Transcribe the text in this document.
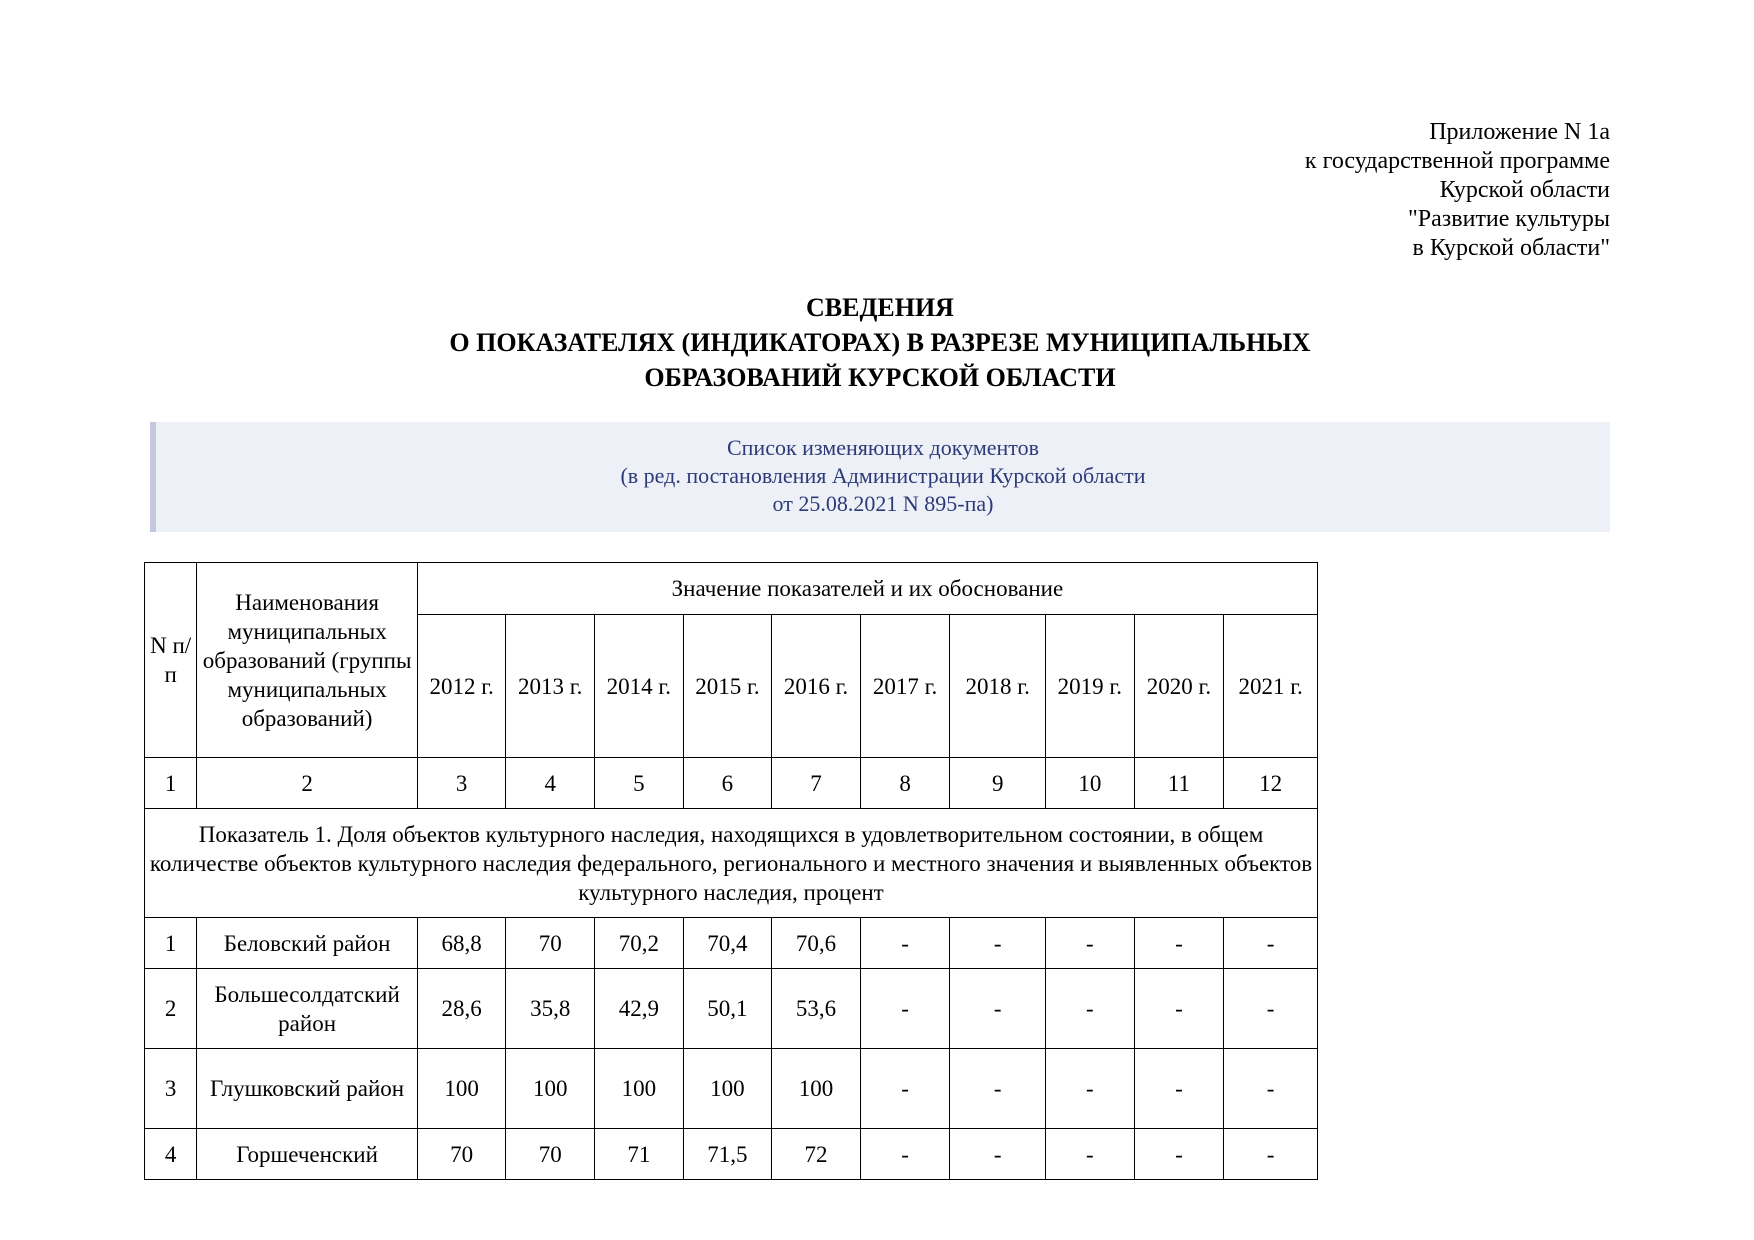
Приложение N 1а
к государственной программе
Курской области
"Развитие культуры
в Курской области"
СВЕДЕНИЯ
О ПОКАЗАТЕЛЯХ (ИНДИКАТОРАХ) В РАЗРЕЗЕ МУНИЦИПАЛЬНЫХ
ОБРАЗОВАНИЙ КУРСКОЙ ОБЛАСТИ
Список изменяющих документов
(в ред. постановления Администрации Курской области
от 25.08.2021 N 895-па)
N п/п	Наименования муниципальных образований (группы муниципальных образований)	Значение показателей и их обоснование									
		2012 г.	2013 г.	2014 г.	2015 г.	2016 г.	2017 г.	2018 г.	2019 г.	2020 г.	2021 г.
1	2	3	4	5	6	7	8	9	10	11	12
Показатель 1. Доля объектов культурного наследия, находящихся в удовлетворительном состоянии, в общем количестве объектов культурного наследия федерального, регионального и местного значения и выявленных объектов культурного наследия, процент											
1	Беловский район	68,8	70	70,2	70,4	70,6	-	-	-	-	-
2	Большесолдатский район	28,6	35,8	42,9	50,1	53,6	-	-	-	-	-
3	Глушковский район	100	100	100	100	100	-	-	-	-	-
4	Горшеченский	70	70	71	71,5	72	-	-	-	-	-
